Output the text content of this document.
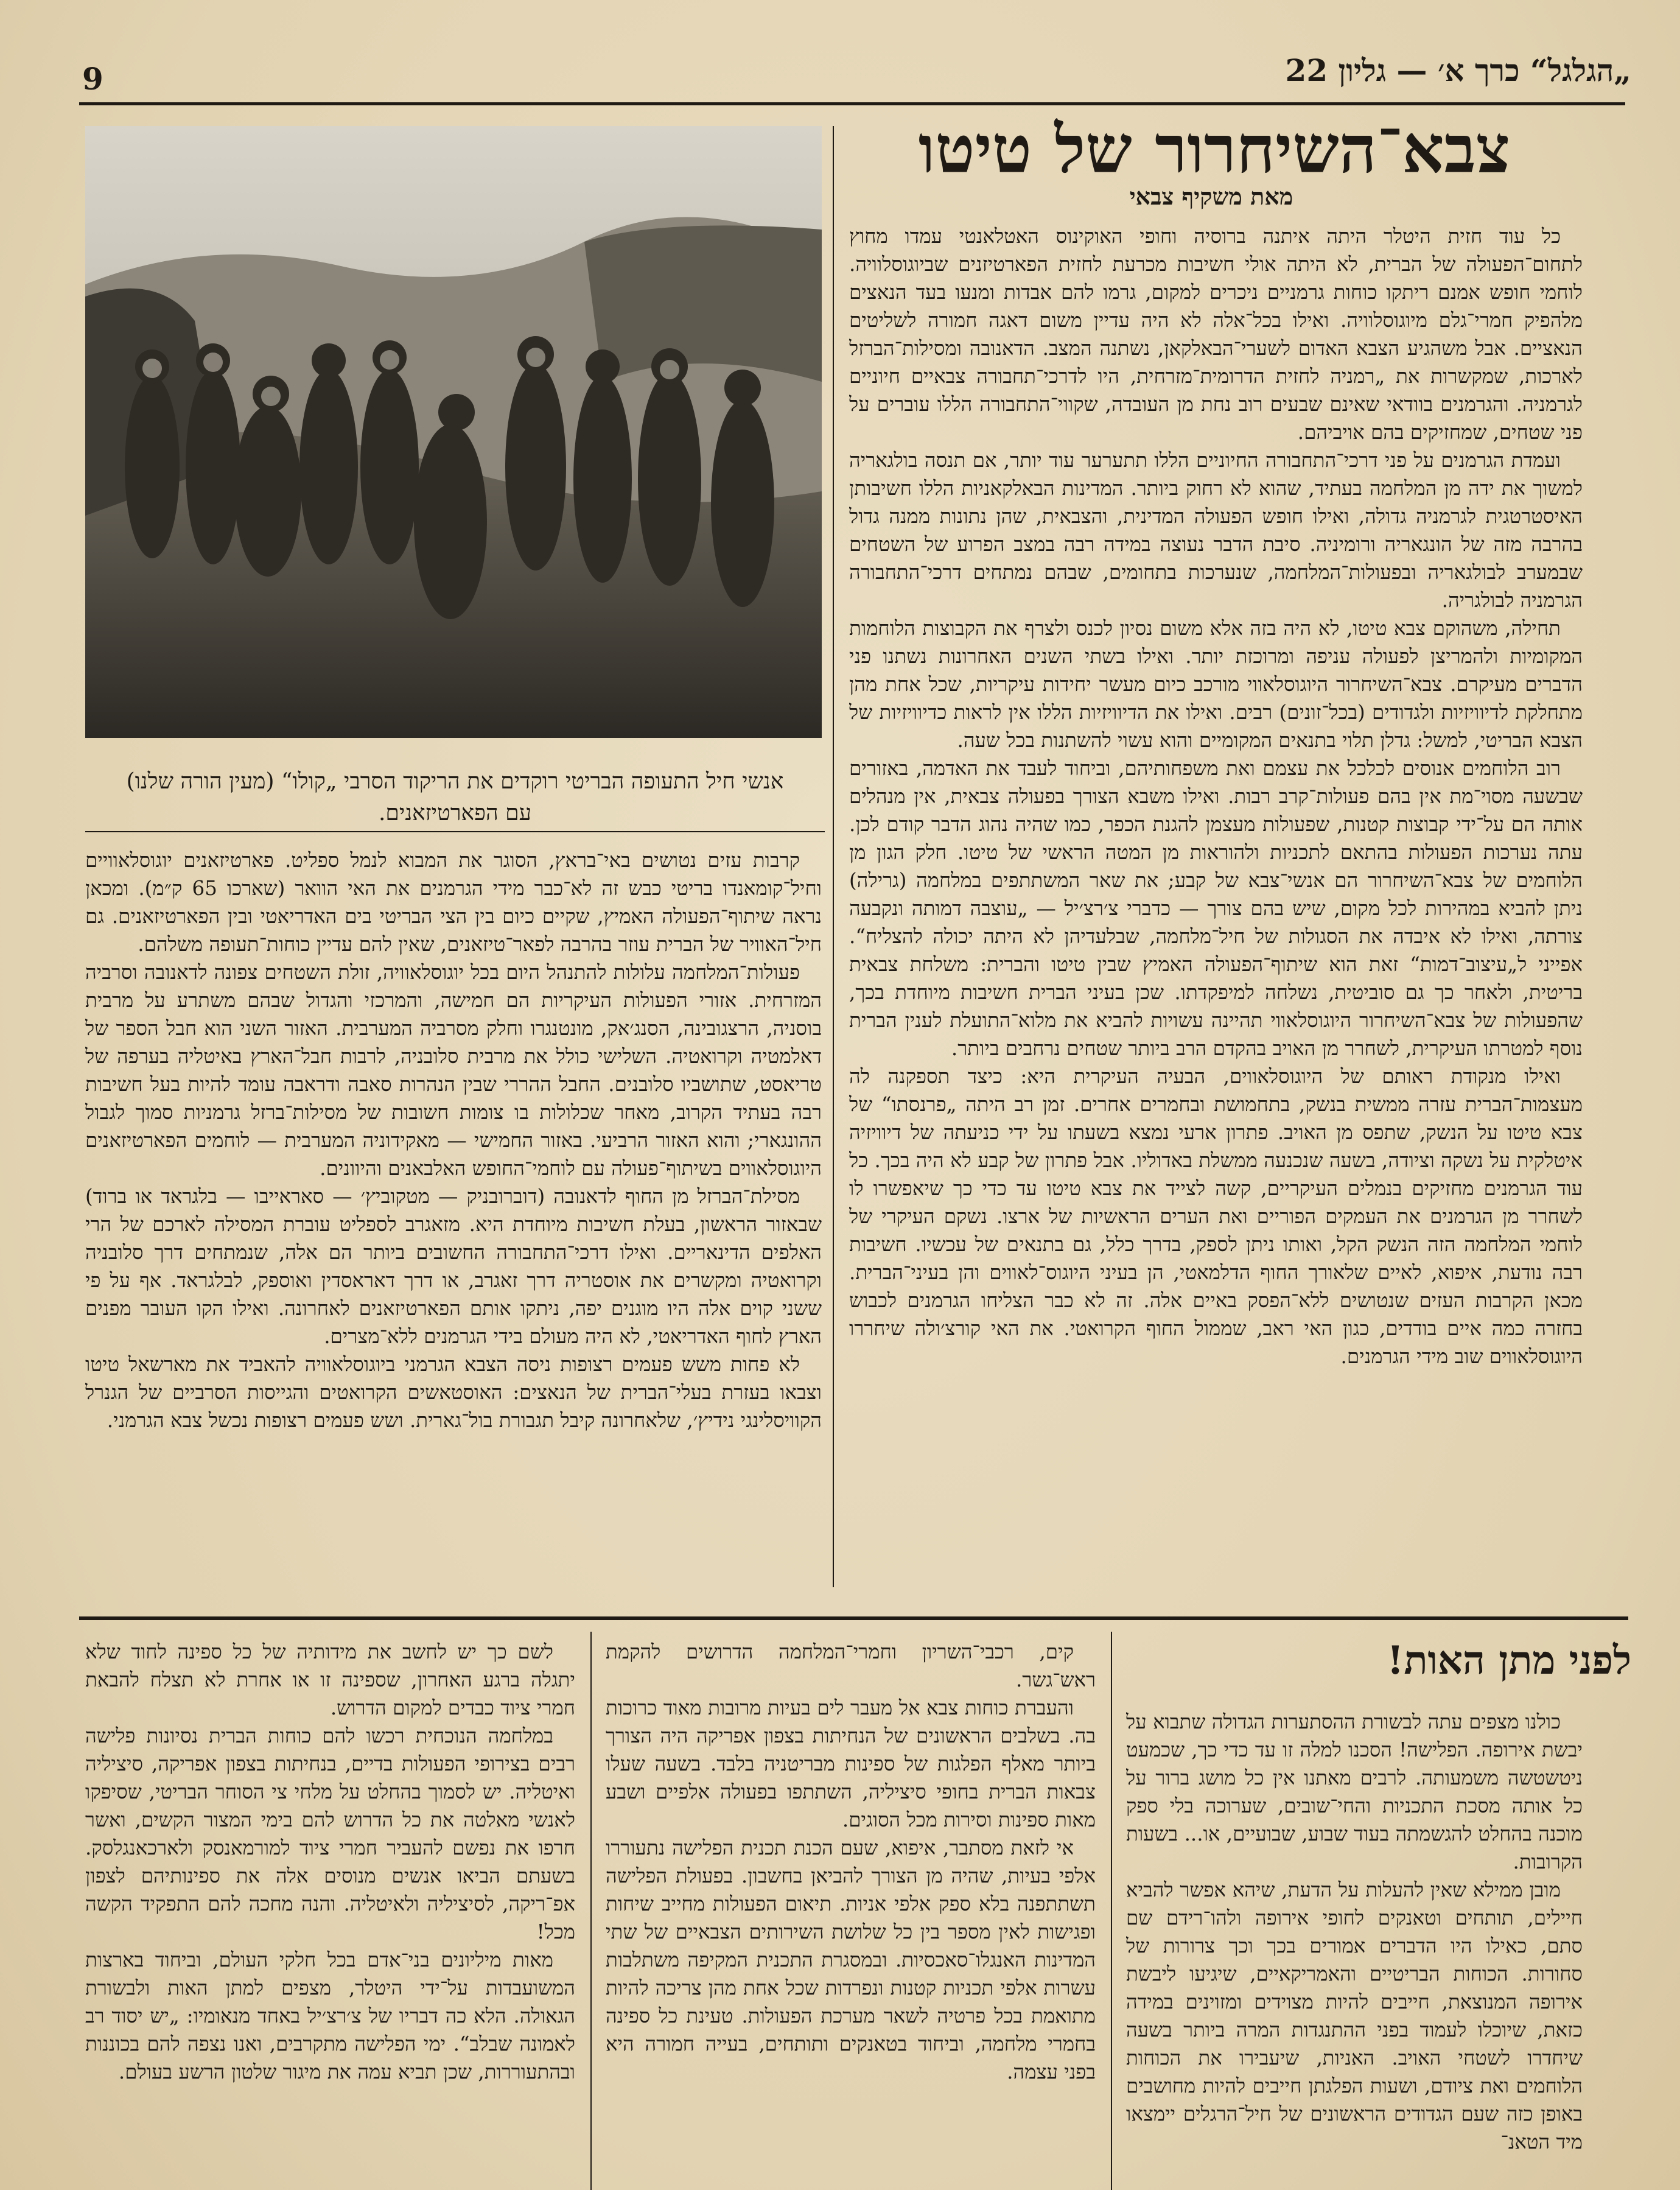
„הגלגל“ כרך א׳ — גליון 22
9
צבא־השיחרור של טיטו
מאת משקיף צבאי

כל עוד חזית היטלר היתה איתנה ברוסיה וחופי האוקינוס האטלאנטי עמדו מחוץ לתחום־הפעולה של הברית, לא היתה אולי חשיבות מכרעת לחזית הפארטיזנים שביוגוסלוויה. לוחמי חופש אמנם ריתקו כוחות גרמניים ניכרים למקום, גרמו להם אבדות ומנעו בעד הנאצים מלהפיק חמרי־גלם מיוגוסלוויה. ואילו בכל־אלה לא היה עדיין משום דאגה חמורה לשליטים הנאציים. אבל משהגיע הצבא האדום לשערי־הבאלקאן, נשתנה המצב. הדאנובה ומסילות־הברזל לארכות, שמקשרות את „רמניה לחזית הדרומית־מזרחית, היו לדרכי־תחבורה צבאיים חיוניים לגרמניה. והגרמנים בוודאי שאינם שבעים רוב נחת מן העובדה, שקווי־התחבורה הללו עוברים על פני שטחים, שמחזיקים בהם אויביהם.

ועמדת הגרמנים על פני דרכי־התחבורה החיוניים הללו תתערער עוד יותר, אם תנסה בולגאריה למשוך את ידה מן המלחמה בעתיד, שהוא לא רחוק ביותר. המדינות הבאלקאניות הללו חשיבותן האיסטרטגית לגרמניה גדולה, ואילו חופש הפעולה המדינית, והצבאית, שהן נתונות ממנה גדול בהרבה מזה של הונגאריה ורומיניה. סיבת הדבר נעוצה במידה רבה במצב הפרוע של השטחים שבמערב לבולגאריה ובפעולות־המלחמה, שנערכות בתחומים, שבהם נמתחים דרכי־התחבורה הגרמניה לבולגריה.

תחילה, משהוקם צבא טיטו, לא היה בזה אלא משום נסיון לכנס ולצרף את הקבוצות הלוחמות המקומיות ולהמריצן לפעולה עניפה ומרוכזת יותר. ואילו בשתי השנים האחרונות נשתנו פני הדברים מעיקרם. צבא־השיחרור היוגוסלאווי מורכב כיום מעשר יחידות עיקריות, שכל אחת מהן מתחלקת לדיוויזיות ולגדודים (בכל־זונים) רבים. ואילו את הדיוויזיות הללו אין לראות כדיוויזיות של הצבא הבריטי, למשל: גדלן תלוי בתנאים המקומיים והוא עשוי להשתנות בכל שעה.

רוב הלוחמים אנוסים לכלכל את עצמם ואת משפחותיהם, וביחוד לעבד את האדמה, באזורים שבשעה מסוי־מת אין בהם פעולות־קרב רבות. ואילו משבא הצורך בפעולה צבאית, אין מנהלים אותה הם על־ידי קבוצות קטנות, שפעולות מעצמן להגנת הכפר, כמו שהיה נהוג הדבר קודם לכן. עתה נערכות הפעולות בהתאם לתכניות ולהוראות מן המטה הראשי של טיטו. חלק הגון מן הלוחמים של צבא־השיחרור הם אנשי־צבא של קבע; את שאר המשתתפים במלחמה (גרילה) ניתן להביא במהירות לכל מקום, שיש בהם צורך — כדברי צ׳רצ׳יל — „עוצבה דמותה ונקבעה צורתה, ואילו לא איבדה את הסגולות של חיל־מלחמה, שבלעדיהן לא היתה יכולה להצליח“. אפייני ל„עיצוב־דמות“ זאת הוא שיתוף־הפעולה האמיץ שבין טיטו והברית: משלחת צבאית בריטית, ולאחר כך גם סוביטית, נשלחה למיפקדתו. שכן בעיני הברית חשיבות מיוחדת בכך, שהפעולות של צבא־השיחרור היוגוסלאווי תהיינה עשויות להביא את מלוא־התועלת לענין הברית נוסף למטרתו העיקרית, לשחרר מן האויב בהקדם הרב ביותר שטחים נרחבים ביותר.

ואילו מנקודת ראותם של היוגוסלאווים, הבעיה העיקרית היא: כיצד תספקנה לה מעצמות־הברית עזרה ממשית בנשק, בתחמושת ובחמרים אחרים. זמן רב היתה „פרנסתו“ של צבא טיטו על הנשק, שתפס מן האויב. פתרון ארעי נמצא בשעתו על ידי כניעתה של דיוויזיה איטלקית על נשקה וציודה, בשעה שנכנעה ממשלת באדוליו. אבל פתרון של קבע לא היה בכך. כל עוד הגרמנים מחזיקים בנמלים העיקריים, קשה לצייד את צבא טיטו עד כדי כך שיאפשרו לו לשחרר מן הגרמנים את העמקים הפוריים ואת הערים הראשיות של ארצו. נשקם העיקרי של לוחמי המלחמה הזה הנשק הקל, ואותו ניתן לספק, בדרך כלל, גם בתנאים של עכשיו. חשיבות רבה נודעת, איפוא, לאיים שלאורך החוף הדלמאטי, הן בעיני היוגוס־לאווים והן בעיני־הברית. מכאן הקרבות העזים שנטושים ללא־הפסק באיים אלה. זה לא כבר הצליחו הגרמנים לכבוש בחזרה כמה איים בודדים, כגון האי ראב, שממול החוף הקרואטי. את האי קורצ׳ולה שיחררו היוגוסלאווים שוב מידי הגרמנים.

אנשי חיל התעופה הבריטי רוקדים את הריקוד הסרבי „קולו“ (מעין הורה שלנו)
עם הפארטיזאנים.

קרבות עזים נטושים באי־בראץ, הסוגר את המבוא לנמל ספליט. פארטיזאנים יוגוסלאוויים וחיל־קומאנדו בריטי כבש זה לא־כבר מידי הגרמנים את האי הוואר (שארכו 65 ק״מ). ומכאן נראה שיתוף־הפעולה האמיץ, שקיים כיום בין הצי הבריטי בים האדריאטי ובין הפארטיזאנים. גם חיל־האוויר של הברית עוזר בהרבה לפאר־טיזאנים, שאין להם עדיין כוחות־תעופה משלהם.

פעולות־המלחמה עלולות להתנהל היום בכל יוגוסלאוויה, זולת השטחים צפונה לדאנובה וסרביה המזרחית. אזורי הפעולות העיקריות הם חמישה, והמרכזי והגדול שבהם משתרע על מרבית בוסניה, הרצגובינה, הסנג׳אק, מונטנגרו וחלק מסרביה המערבית. האזור השני הוא חבל הספר של דאלמטיה וקרואטיה. השלישי כולל את מרבית סלובניה, לרבות חבל־הארץ באיטליה בערפה של טריאסט, שתושביו סלובנים. החבל ההררי שבין הנהרות סאבה ודראבה עומד להיות בעל חשיבות רבה בעתיד הקרוב, מאחר שכלולות בו צומות חשובות של מסילות־ברזל גרמניות סמוך לגבול ההונגארי; והוא האזור הרביעי. באזור החמישי — מאקידוניה המערבית — לוחמים הפארטיזאנים היוגוסלאווים בשיתוף־פעולה עם לוחמי־החופש האלבאנים והיוונים.

מסילת־הברזל מן החוף לדאנובה (דוברובניק — מטקוביץ׳ — סאראייבו — בלגראד או ברוד) שבאזור הראשון, בעלת חשיבות מיוחדת היא. מזאגרב לספליט עוברת המסילה לארכם של הרי האלפים הדינאריים. ואילו דרכי־התחבורה החשובים ביותר הם אלה, שנמתחים דרך סלובניה וקרואטיה ומקשרים את אוסטריה דרך זאגרב, או דרך דאראסדין ואוספק, לבלגראד. אף על פי ששני קוים אלה היו מוגנים יפה, ניתקו אותם הפארטיזאנים לאחרונה. ואילו הקו העובר מפנים הארץ לחוף האדריאטי, לא היה מעולם בידי הגרמנים ללא־מצרים.

לא פחות משש פעמים רצופות ניסה הצבא הגרמני ביוגוסלאוויה להאביד את מארשאל טיטו וצבאו בעזרת בעלי־הברית של הנאצים: האוסטאשים הקרואטים והגייסות הסרביים של הגנרל הקוויסלינגי נידיץ׳, שלאחרונה קיבל תגבורת בול־גארית. ושש פעמים רצופות נכשל צבא הגרמני.

לפני מתן האות!

כולנו מצפים עתה לבשורת ההסתערות הגדולה שתבוא על יבשת אירופה. הפלישה! הסכנו למלה זו עד כדי כך, שכמעט ניטשטשה משמעותה. לרבים מאתנו אין כל מושג ברור על כל אותה מסכת התכניות והחי־שובים, שערוכה בלי ספק מוכנה בהחלט להגשמתה בעוד שבוע, שבועיים, או... בשעות הקרובות.

מובן ממילא שאין להעלות על הדעת, שיהא אפשר להביא חיילים, תותחים וטאנקים לחופי אירופה ולהו־רידם שם סתם, כאילו היו הדברים אמורים בכך וכך צרורות של סחורות. הכוחות הבריטיים והאמריקאיים, שיגיעו ליבשת אירופה המנוצאת, חייבים להיות מצוידים ומזוינים במידה כזאת, שיוכלו לעמוד בפני ההתנגדות המרה ביותר בשעה שיחדרו לשטחי האויב. האניות, שיעבירו את הכוחות הלוחמים ואת ציודם, ושעות הפלגתן חייבים להיות מחושבים באופן כזה שעם הגדודים הראשונים של חיל־הרגלים יימצאו מיד הטאנ־

קים, רכבי־השריון וחמרי־המלחמה הדרושים להקמת ראש־גשר.

והעברת כוחות צבא אל מעבר לים בעיות מרובות מאוד כרוכות בה. בשלבים הראשונים של הנחיתות בצפון אפריקה היה הצורך ביותר מאלף הפלגות של ספינות מבריטניה בלבד. בשעה שעלו צבאות הברית בחופי סיציליה, השתתפו בפעולה אלפיים ושבע מאות ספינות וסירות מכל הסוגים.

אי לזאת מסתבר, איפוא, שעם הכנת תכנית הפלישה נתעוררו אלפי בעיות, שהיה מן הצורך להביאן בחשבון. בפעולת הפלישה תשתתפנה בלא ספק אלפי אניות. תיאום הפעולות מחייב שיחות ופגישות לאין מספר בין כל שלושת השירותים הצבאיים של שתי המדינות האנגלו־סאכסיות. ובמסגרת התכנית המקיפה משתלבות עשרות אלפי תכניות קטנות ונפרדות שכל אחת מהן צריכה להיות מתואמת בכל פרטיה לשאר מערכת הפעולות. טעינת כל ספינה בחמרי מלחמה, וביחוד בטאנקים ותותחים, בעייה חמורה היא בפני עצמה.

לשם כך יש לחשב את מידותיה של כל ספינה לחוד שלא יתגלה ברגע האחרון, שספינה זו או אחרת לא תצלח להבאת חמרי ציוד כבדים למקום הדרוש.

במלחמה הנוכחית רכשו להם כוחות הברית נסיונות פלישה רבים בצירופי הפעולות בדיים, בנחיתות בצפון אפריקה, סיציליה ואיטליה. יש לסמוך בהחלט על מלחי צי הסוחר הבריטי, שסיפקו לאנשי מאלטה את כל הדרוש להם בימי המצור הקשים, ואשר חרפו את נפשם להעביר חמרי ציוד למורמאנסק ולארכאנגלסק. בשעתם הביאו אנשים מנוסים אלה את ספינותיהם לצפון אפ־ריקה, לסיציליה ולאיטליה. והנה מחכה להם התפקיד הקשה מכל!

מאות מיליונים בני־אדם בכל חלקי העולם, וביחוד בארצות המשועבדות על־ידי היטלר, מצפים למתן האות ולבשורת הגאולה. הלא כה דבריו של צ׳רצ׳יל באחד מנאומיו: „יש יסוד רב לאמונה שבלב“. ימי הפלישה מתקרבים, ואנו נצפה להם בכוננות ובהתעוררות, שכן תביא עמה את מיגור שלטון הרשע בעולם.
